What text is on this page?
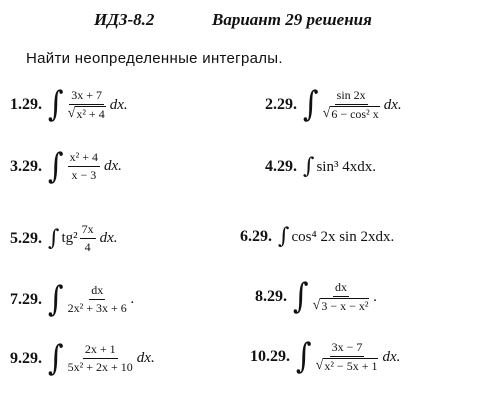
ИДЗ-8.2	Вариант 29 решения
Найти неопределенные интегралы.
1.29. ∫ $\frac{3x + 7}{\text{√ x² + 4}}$ dx.	2.29. ∫ $\frac{\sin 2x}{\text{√ 6 − cos² x}}$ dx.
3.29. ∫ $\frac{\text{x² + 4}}{x - 3}$ dx.	4.29. ∫ sin³ 4xdx.
5.29. ∫ $tg^2 \frac{7x}{4}$ dx.	6.29. ∫ cos⁴ 2x sin 2xdx.
7.29. ∫ $\frac{dx}{\text{2x² + 3x + 6}}$ .	8.29. ∫ $\frac{dx}{\text{√ 3 − x − x²}}$ .
9.29. ∫ $\frac{2x + 1}{\text{5x² + 2x + 10}}$ dx.	10.29. ∫ $\frac{3x - 7}{\text{√ x² − 5x + 1}}$ dx.
